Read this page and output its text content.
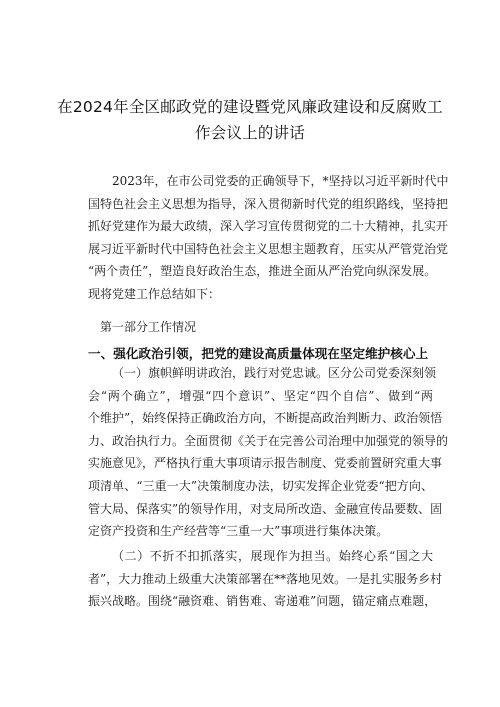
在2024年全区邮政党的建设暨党风廉政建设和反腐败工
作会议上的讲话
2023年，在市公司党委的正确领导下，*坚持以习近平新时代中
国特色社会主义思想为指导，深入贯彻新时代党的组织路线，坚持把
抓好党建作为最大政绩，深入学习宣传贯彻党的二十大精神，扎实开
展习近平新时代中国特色社会主义思想主题教育，压实从严管党治党
“两个责任”，塑造良好政治生态，推进全面从严治党向纵深发展。
现将党建工作总结如下：
第一部分工作情况
一、强化政治引领，把党的建设高质量体现在坚定维护核心上
（一）旗帜鲜明讲政治，践行对党忠诚。区分公司党委深刻领
会“两个确立”，增强“四个意识”、坚定“四个自信”、做到“两
个维护”，始终保持正确政治方向，不断提高政治判断力、政治领悟
力、政治执行力。全面贯彻《关于在完善公司治理中加强党的领导的
实施意见》，严格执行重大事项请示报告制度、党委前置研究重大事
项清单、“三重一大”决策制度办法，切实发挥企业党委“把方向、
管大局、保落实”的领导作用，对支局所改造、金融宣传品要数、固
定资产投资和生产经营等“三重一大”事项进行集体决策。
（二）不折不扣抓落实，展现作为担当。始终心系“国之大
者”，大力推动上级重大决策部署在**落地见效。一是扎实服务乡村
振兴战略。围绕“融资难、销售难、寄递难”问题，锚定痛点难题，
